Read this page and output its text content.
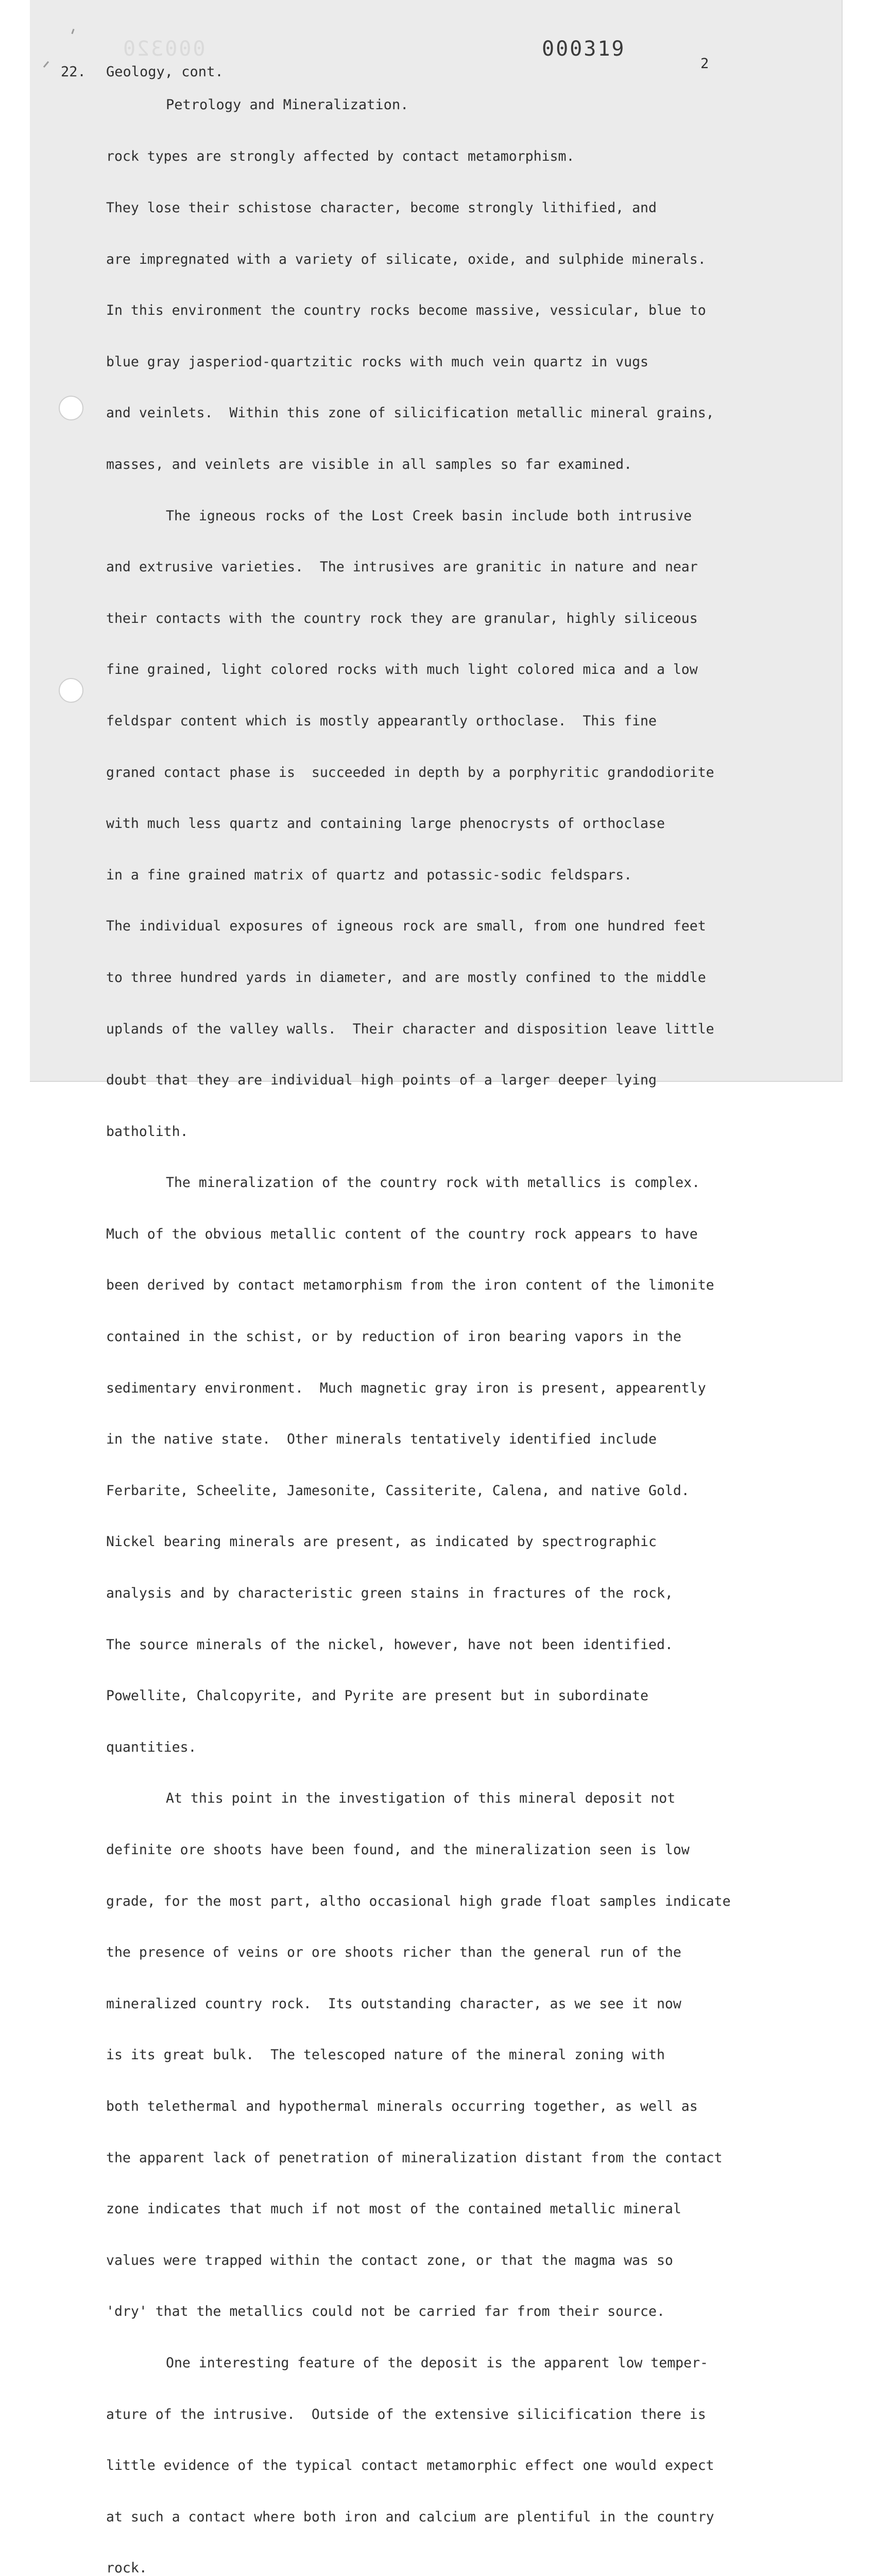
000320	000319
2
22. Geology, cont.
Petrology and Mineralization.

rock types are strongly affected by contact metamorphism.

They lose their schistose character, become strongly lithified, and

are impregnated with a variety of silicate, oxide, and sulphide minerals.

In this environment the country rocks become massive, vessicular, blue to

blue gray jasperiod-quartzitic rocks with much vein quartz in vugs

and veinlets.  Within this zone of silicification metallic mineral grains,

masses, and veinlets are visible in all samples so far examined.

The igneous rocks of the Lost Creek basin include both intrusive

and extrusive varieties.  The intrusives are granitic in nature and near

their contacts with the country rock they are granular, highly siliceous

fine grained, light colored rocks with much light colored mica and a low

feldspar content which is mostly appearantly orthoclase.  This fine

graned contact phase is  succeeded in depth by a porphyritic grandodiorite

with much less quartz and containing large phenocrysts of orthoclase

in a fine grained matrix of quartz and potassic-sodic feldspars.

The individual exposures of igneous rock are small, from one hundred feet

to three hundred yards in diameter, and are mostly confined to the middle

uplands of the valley walls.  Their character and disposition leave little

doubt that they are individual high points of a larger deeper lying

batholith.

The mineralization of the country rock with metallics is complex.

Much of the obvious metallic content of the country rock appears to have

been derived by contact metamorphism from the iron content of the limonite

contained in the schist, or by reduction of iron bearing vapors in the

sedimentary environment.  Much magnetic gray iron is present, appearently

in the native state.  Other minerals tentatively identified include

Ferbarite, Scheelite, Jamesonite, Cassiterite, Calena, and native Gold.

Nickel bearing minerals are present, as indicated by spectrographic

analysis and by characteristic green stains in fractures of the rock,

The source minerals of the nickel, however, have not been identified.

Powellite, Chalcopyrite, and Pyrite are present but in subordinate

quantities.

At this point in the investigation of this mineral deposit not

definite ore shoots have been found, and the mineralization seen is low

grade, for the most part, altho occasional high grade float samples indicate

the presence of veins or ore shoots richer than the general run of the

mineralized country rock.  Its outstanding character, as we see it now

is its great bulk.  The telescoped nature of the mineral zoning with

both telethermal and hypothermal minerals occurring together, as well as

the apparent lack of penetration of mineralization distant from the contact

zone indicates that much if not most of the contained metallic mineral

values were trapped within the contact zone, or that the magma was so

'dry' that the metallics could not be carried far from their source.

One interesting feature of the deposit is the apparent low temper-

ature of the intrusive.  Outside of the extensive silicification there is

little evidence of the typical contact metamorphic effect one would expect

at such a contact where both iron and calcium are plentiful in the country

rock.
